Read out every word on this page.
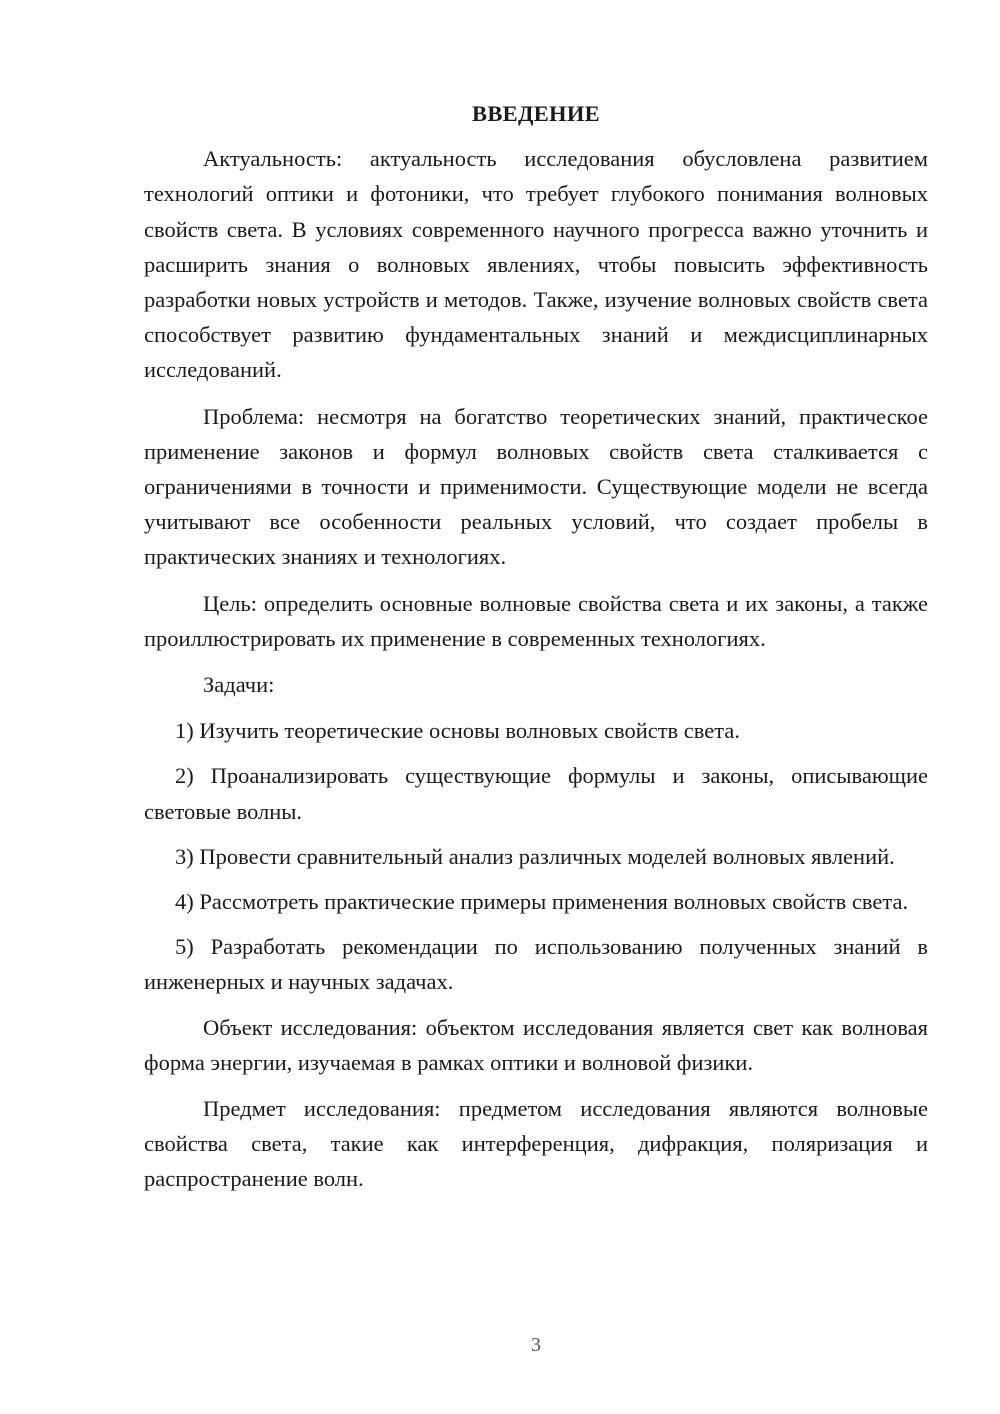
ВВЕДЕНИЕ

Актуальность: актуальность исследования обусловлена развитием технологий оптики и фотоники, что требует глубокого понимания волновых свойств света. В условиях современного научного прогресса важно уточнить и расширить знания о волновых явлениях, чтобы повысить эффективность разработки новых устройств и методов. Также, изучение волновых свойств света способствует развитию фундаментальных знаний и междисциплинарных исследований.

Проблема: несмотря на богатство теоретических знаний, практическое применение законов и формул волновых свойств света сталкивается с ограничениями в точности и применимости. Существующие модели не всегда учитывают все особенности реальных условий, что создает пробелы в практических знаниях и технологиях.

Цель: определить основные волновые свойства света и их законы, а также проиллюстрировать их применение в современных технологиях.

Задачи:

1) Изучить теоретические основы волновых свойств света.

2) Проанализировать существующие формулы и законы, описывающие световые волны.

3) Провести сравнительный анализ различных моделей волновых явлений.

4) Рассмотреть практические примеры применения волновых свойств света.

5) Разработать рекомендации по использованию полученных знаний в инженерных и научных задачах.

Объект исследования: объектом исследования является свет как волновая форма энергии, изучаемая в рамках оптики и волновой физики.

Предмет исследования: предметом исследования являются волновые свойства света, такие как интерференция, дифракция, поляризация и распространение волн.

3
